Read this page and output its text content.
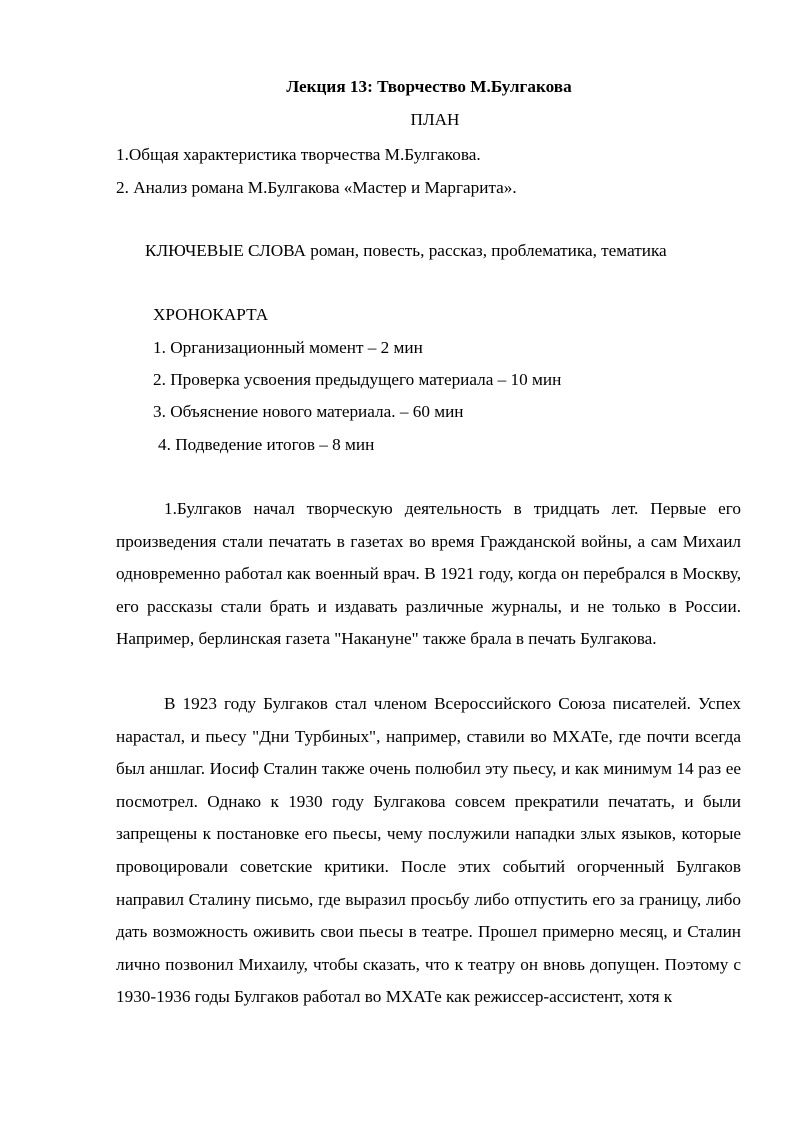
Лекция 13: Творчество М.Булгакова

ПЛАН

1.Общая характеристика творчества М.Булгакова.

2. Анализ романа М.Булгакова «Мастер и Маргарита».

КЛЮЧЕВЫЕ СЛОВА роман, повесть, рассказ, проблематика, тематика

ХРОНОКАРТА

1. Организационный момент – 2 мин

2. Проверка усвоения предыдущего материала – 10 мин

3. Объяснение нового материала. – 60 мин

4. Подведение итогов – 8 мин

1.Булгаков начал творческую деятельность в тридцать лет. Первые его произведения стали печатать в газетах во время Гражданской войны, а сам Михаил одновременно работал как военный врач. В 1921 году, когда он перебрался в Москву, его рассказы стали брать и издавать различные журналы, и не только в России. Например, берлинская газета "Накануне" также брала в печать Булгакова.

В 1923 году Булгаков стал членом Всероссийского Союза писателей. Успех нарастал, и пьесу "Дни Турбиных", например, ставили во МХАТе, где почти всегда был аншлаг. Иосиф Сталин также очень полюбил эту пьесу, и как минимум 14 раз ее посмотрел. Однако к 1930 году Булгакова совсем прекратили печатать, и были запрещены к постановке его пьесы, чему послужили нападки злых языков, которые провоцировали советские критики. После этих событий огорченный Булгаков направил Сталину письмо, где выразил просьбу либо отпустить его за границу, либо дать возможность оживить свои пьесы в театре. Прошел примерно месяц, и Сталин лично позвонил Михаилу, чтобы сказать, что к театру он вновь допущен. Поэтому с 1930-1936 годы Булгаков работал во МХАТе как режиссер-ассистент, хотя к
